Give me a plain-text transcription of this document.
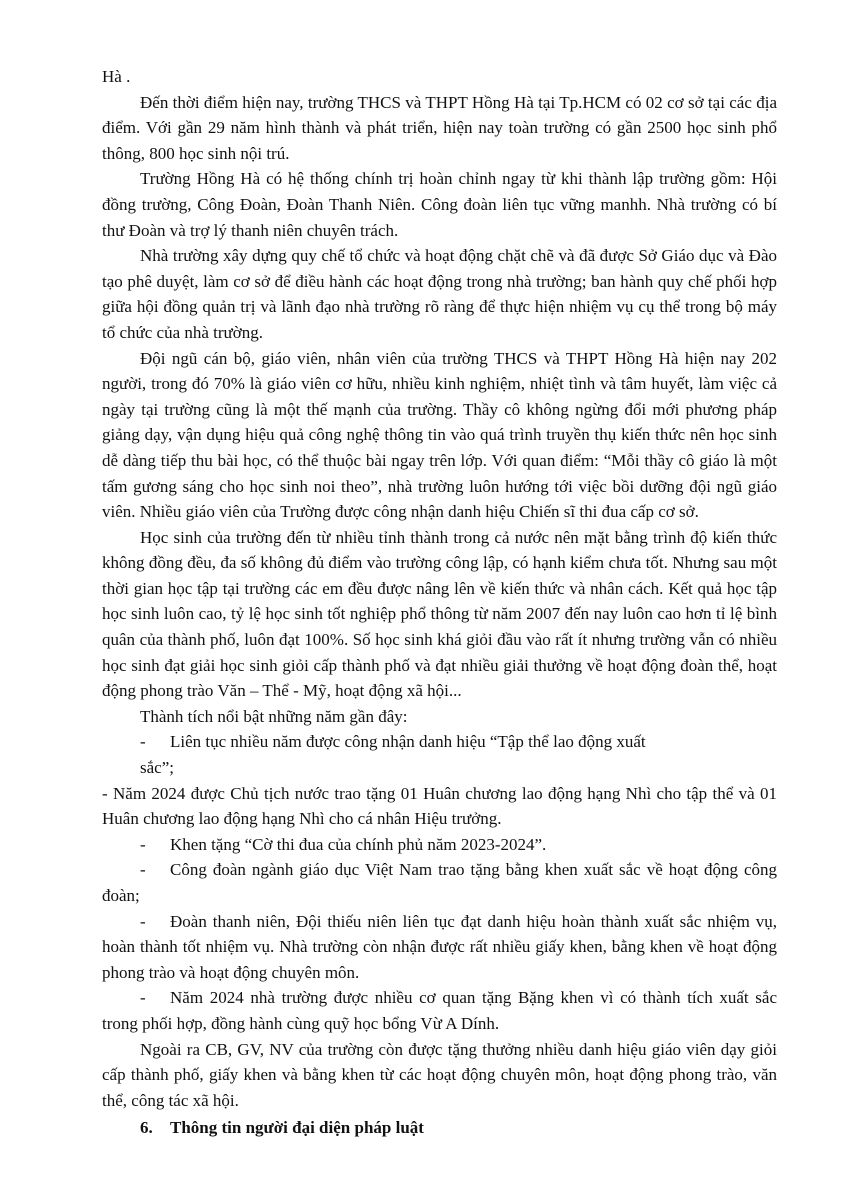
Hà .

Đến thời điểm hiện nay, trường THCS và THPT Hồng Hà tại Tp.HCM có 02 cơ sở tại các địa điểm. Với gần 29 năm hình thành và phát triển, hiện nay toàn trường có gần 2500 học sinh phổ thông, 800 học sinh nội trú.

Trường Hồng Hà có hệ thống chính trị hoàn chỉnh ngay từ khi thành lập trường gồm: Hội đồng trường, Công Đoàn, Đoàn Thanh Niên. Công đoàn liên tục vững manhh. Nhà trường có bí thư Đoàn và trợ lý thanh niên chuyên trách.

Nhà trường xây dựng quy chế tổ chức và hoạt động chặt chẽ và đã được Sở Giáo dục và Đào tạo phê duyệt, làm cơ sở để điều hành các hoạt động trong nhà trường; ban hành quy chế phối hợp giữa hội đồng quản trị và lãnh đạo nhà trường rõ ràng để thực hiện nhiệm vụ cụ thể trong bộ máy tổ chức của nhà trường.

Đội ngũ cán bộ, giáo viên, nhân viên của trường THCS và THPT Hồng Hà hiện nay 202 người, trong đó 70% là giáo viên cơ hữu, nhiều kinh nghiệm, nhiệt tình và tâm huyết, làm việc cả ngày tại trường cũng là một thế mạnh của trường. Thầy cô không ngừng đổi mới phương pháp giảng dạy, vận dụng hiệu quả công nghệ thông tin vào quá trình truyền thụ kiến thức nên học sinh dễ dàng tiếp thu bài học, có thể thuộc bài ngay trên lớp. Với quan điểm: “Mỗi thầy cô giáo là một tấm gương sáng cho học sinh noi theo”, nhà trường luôn hướng tới việc bồi dưỡng đội ngũ giáo viên. Nhiều giáo viên của Trường được công nhận danh hiệu Chiến sĩ thi đua cấp cơ sở.

Học sinh của trường đến từ nhiều tỉnh thành trong cả nước nên mặt bằng trình độ kiến thức không đồng đều, đa số không đủ điểm vào trường công lập, có hạnh kiểm chưa tốt. Nhưng sau một thời gian học tập tại trường các em đều được nâng lên về kiến thức và nhân cách. Kết quả học tập học sinh luôn cao, tỷ lệ học sinh tốt nghiệp phổ thông từ năm 2007 đến nay luôn cao hơn tỉ lệ bình quân của thành phố, luôn đạt 100%. Số học sinh khá giỏi đầu vào rất ít nhưng trường vẫn có nhiều học sinh đạt giải học sinh giỏi cấp thành phố và đạt nhiều giải thưởng về hoạt động đoàn thể, hoạt động phong trào Văn – Thể - Mỹ, hoạt động xã hội...

Thành tích nổi bật những năm gần đây:

- Liên tục nhiều năm được công nhận danh hiệu “Tập thể lao động xuất
sắc”;

- Năm 2024 được Chủ tịch nước trao tặng 01 Huân chương lao động hạng Nhì cho tập thể và 01 Huân chương lao động hạng Nhì cho cá nhân Hiệu trưởng.

- Khen tặng “Cờ thi đua của chính phủ năm 2023-2024”.

- Công đoàn ngành giáo dục Việt Nam trao tặng bằng khen xuất sắc về hoạt động công đoàn;

- Đoàn thanh niên, Đội thiếu niên liên tục đạt danh hiệu hoàn thành xuất sắc nhiệm vụ, hoàn thành tốt nhiệm vụ. Nhà trường còn nhận được rất nhiều giấy khen, bằng khen về hoạt động phong trào và hoạt động chuyên môn.

- Năm 2024 nhà trường được nhiều cơ quan tặng Bặng khen vì có thành tích xuất sắc trong phối hợp, đồng hành cùng quỹ học bổng Vừ A Dính.

Ngoài ra CB, GV, NV của trường còn được tặng thưởng nhiều danh hiệu giáo viên dạy giỏi cấp thành phố, giấy khen và bằng khen từ các hoạt động chuyên môn, hoạt động phong trào, văn thể, công tác xã hội.

6. Thông tin người đại diện pháp luật
